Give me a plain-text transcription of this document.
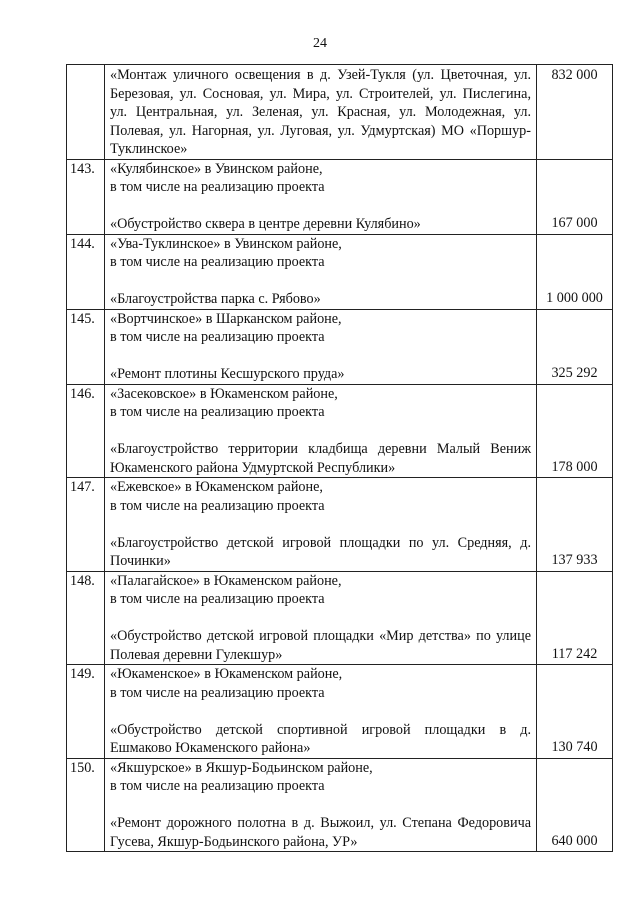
24

	«Монтаж уличного освещения в д. Узей-Тукля (ул. Цветочная, ул. Березовая, ул. Сосновая, ул. Мира, ул. Строителей, ул. Пислегина, ул. Центральная, ул. Зеленая, ул. Красная, ул. Молодежная, ул. Полевая, ул. Нагорная, ул. Луговая, ул. Удмуртская) МО «Поршур-Туклинское»	832 000
143.	«Кулябинское» в Увинском районе,
в том числе на реализацию проекта
«Обустройство сквера в центре деревни Кулябино»	167 000
144.	«Ува-Туклинское» в Увинском районе,
в том числе на реализацию проекта
«Благоустройства парка с. Рябово»	1 000 000
145.	«Вортчинское» в Шарканском районе,
в том числе на реализацию проекта
«Ремонт плотины Кесшурского пруда»	325 292
146.	«Засековское» в Юкаменском районе,
в том числе на реализацию проекта
«Благоустройство территории кладбища деревни Малый Вениж Юкаменского района Удмуртской Республики»	178 000
147.	«Ежевское» в Юкаменском районе,
в том числе на реализацию проекта
«Благоустройство детской игровой площадки по ул. Средняя, д. Починки»	137 933
148.	«Палагайское» в Юкаменском районе,
в том числе на реализацию проекта
«Обустройство детской игровой площадки «Мир детства» по улице Полевая деревни Гулекшур»	117 242
149.	«Юкаменское» в Юкаменском районе,
в том числе на реализацию проекта
«Обустройство детской спортивной игровой площадки в д. Ешмаково Юкаменского района»	130 740
150.	«Якшурское» в Якшур-Бодьинском районе,
в том числе на реализацию проекта
«Ремонт дорожного полотна в д. Выжоил, ул. Степана Федоровича Гусева, Якшур-Бодьинского района, УР»	640 000
